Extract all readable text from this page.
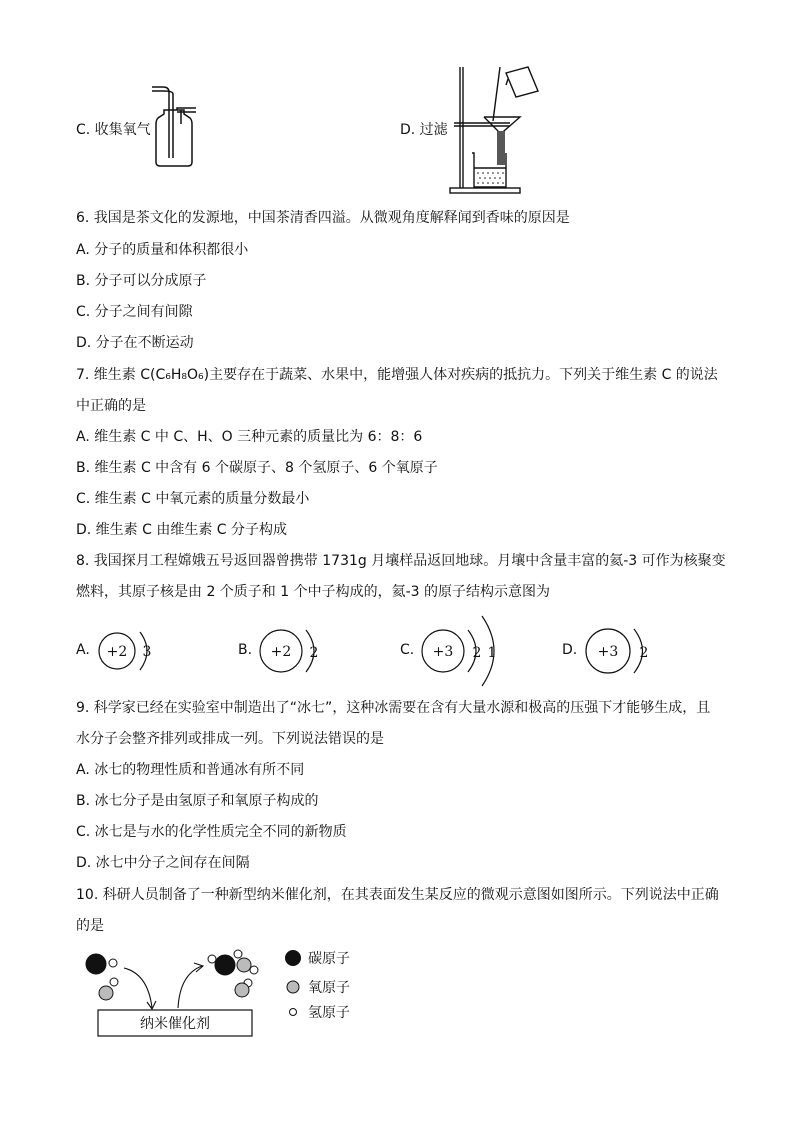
C. 收集氧气	D. 过滤
6. 我国是茶文化的发源地，中国茶清香四溢。从微观角度解释闻到香味的原因是
A. 分子的质量和体积都很小
B. 分子可以分成原子
C. 分子之间有间隙
D. 分子在不断运动
7. 维生素 C(C₆H₈O₆)主要存在于蔬菜、水果中，能增强人体对疾病的抵抗力。下列关于维生素 C 的说法
中正确的是
A. 维生素 C 中 C、H、O 三种元素的质量比为 6：8：6
B. 维生素 C 中含有 6 个碳原子、8 个氢原子、6 个氧原子
C. 维生素 C 中氧元素的质量分数最小
D. 维生素 C 由维生素 C 分子构成
8. 我国探月工程嫦娥五号返回器曾携带 1731g 月壤样品返回地球。月壤中含量丰富的氦-3 可作为核聚变
燃料，其原子核是由 2 个质子和 1 个中子构成的，氦-3 的原子结构示意图为
A. +2 3	B. +2 2	C. +3 2 1	D. +3 2
9. 科学家已经在实验室中制造出了“冰七”，这种冰需要在含有大量水源和极高的压强下才能够生成，且
水分子会整齐排列或排成一列。下列说法错误的是
A. 冰七的物理性质和普通冰有所不同
B. 冰七分子是由氢原子和氧原子构成的
C. 冰七是与水的化学性质完全不同的新物质
D. 冰七中分子之间存在间隔
10. 科研人员制备了一种新型纳米催化剂，在其表面发生某反应的微观示意图如图所示。下列说法中正确
的是
纳米催化剂
碳原子
氧原子
氢原子
